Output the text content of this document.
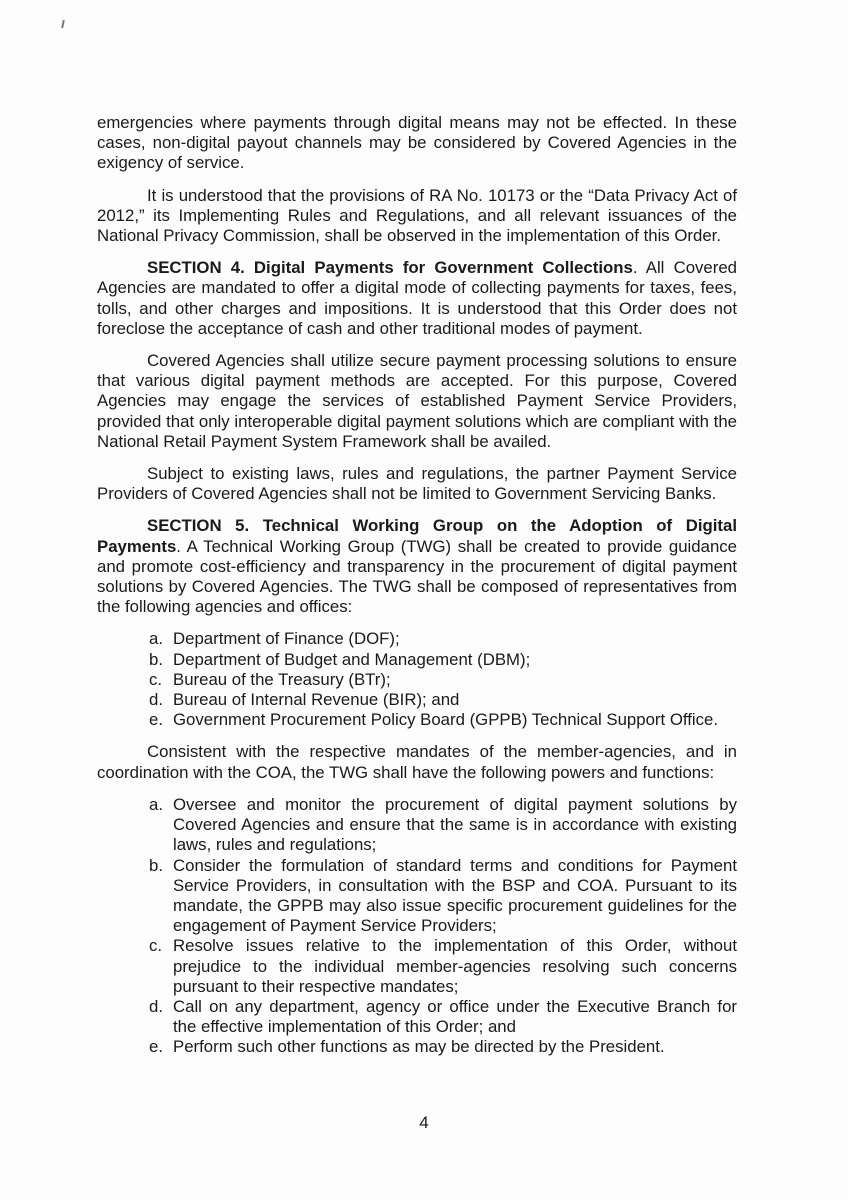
emergencies where payments through digital means may not be effected. In these cases, non-digital payout channels may be considered by Covered Agencies in the exigency of service.

It is understood that the provisions of RA No. 10173 or the “Data Privacy Act of 2012,” its Implementing Rules and Regulations, and all relevant issuances of the National Privacy Commission, shall be observed in the implementation of this Order.

SECTION 4. Digital Payments for Government Collections. All Covered Agencies are mandated to offer a digital mode of collecting payments for taxes, fees, tolls, and other charges and impositions. It is understood that this Order does not foreclose the acceptance of cash and other traditional modes of payment.

Covered Agencies shall utilize secure payment processing solutions to ensure that various digital payment methods are accepted. For this purpose, Covered Agencies may engage the services of established Payment Service Providers, provided that only interoperable digital payment solutions which are compliant with the National Retail Payment System Framework shall be availed.

Subject to existing laws, rules and regulations, the partner Payment Service Providers of Covered Agencies shall not be limited to Government Servicing Banks.

SECTION 5. Technical Working Group on the Adoption of Digital Payments. A Technical Working Group (TWG) shall be created to provide guidance and promote cost-efficiency and transparency in the procurement of digital payment solutions by Covered Agencies. The TWG shall be composed of representatives from the following agencies and offices:

a. Department of Finance (DOF);
b. Department of Budget and Management (DBM);
c. Bureau of the Treasury (BTr);
d. Bureau of Internal Revenue (BIR); and
e. Government Procurement Policy Board (GPPB) Technical Support Office.

Consistent with the respective mandates of the member-agencies, and in coordination with the COA, the TWG shall have the following powers and functions:

a. Oversee and monitor the procurement of digital payment solutions by Covered Agencies and ensure that the same is in accordance with existing laws, rules and regulations;
b. Consider the formulation of standard terms and conditions for Payment Service Providers, in consultation with the BSP and COA. Pursuant to its mandate, the GPPB may also issue specific procurement guidelines for the engagement of Payment Service Providers;
c. Resolve issues relative to the implementation of this Order, without prejudice to the individual member-agencies resolving such concerns pursuant to their respective mandates;
d. Call on any department, agency or office under the Executive Branch for the effective implementation of this Order; and
e. Perform such other functions as may be directed by the President.
4
